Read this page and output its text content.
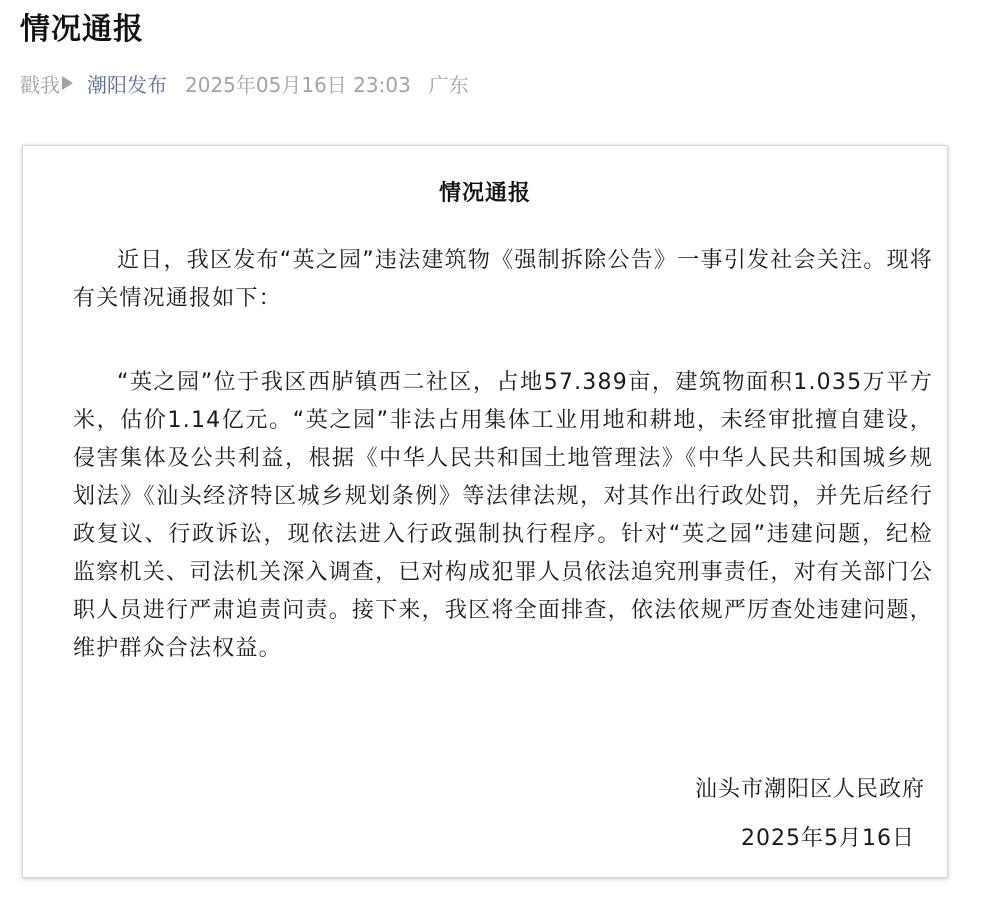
情况通报
戳我 潮阳发布 2025年05月16日 23:03 广东
情况通报
近日，我区发布“英之园”违法建筑物《强制拆除公告》一事引发社会关注。现将有关情况通报如下：
“英之园”位于我区西胪镇西二社区，占地57.389亩，建筑物面积1.035万平方米，估价1.14亿元。“英之园”非法占用集体工业用地和耕地，未经审批擅自建设，侵害集体及公共利益，根据《中华人民共和国土地管理法》《中华人民共和国城乡规划法》《汕头经济特区城乡规划条例》等法律法规，对其作出行政处罚，并先后经行政复议、行政诉讼，现依法进入行政强制执行程序。针对“英之园”违建问题，纪检监察机关、司法机关深入调查，已对构成犯罪人员依法追究刑事责任，对有关部门公职人员进行严肃追责问责。接下来，我区将全面排查，依法依规严厉查处违建问题，维护群众合法权益。
汕头市潮阳区人民政府
2025年5月16日
